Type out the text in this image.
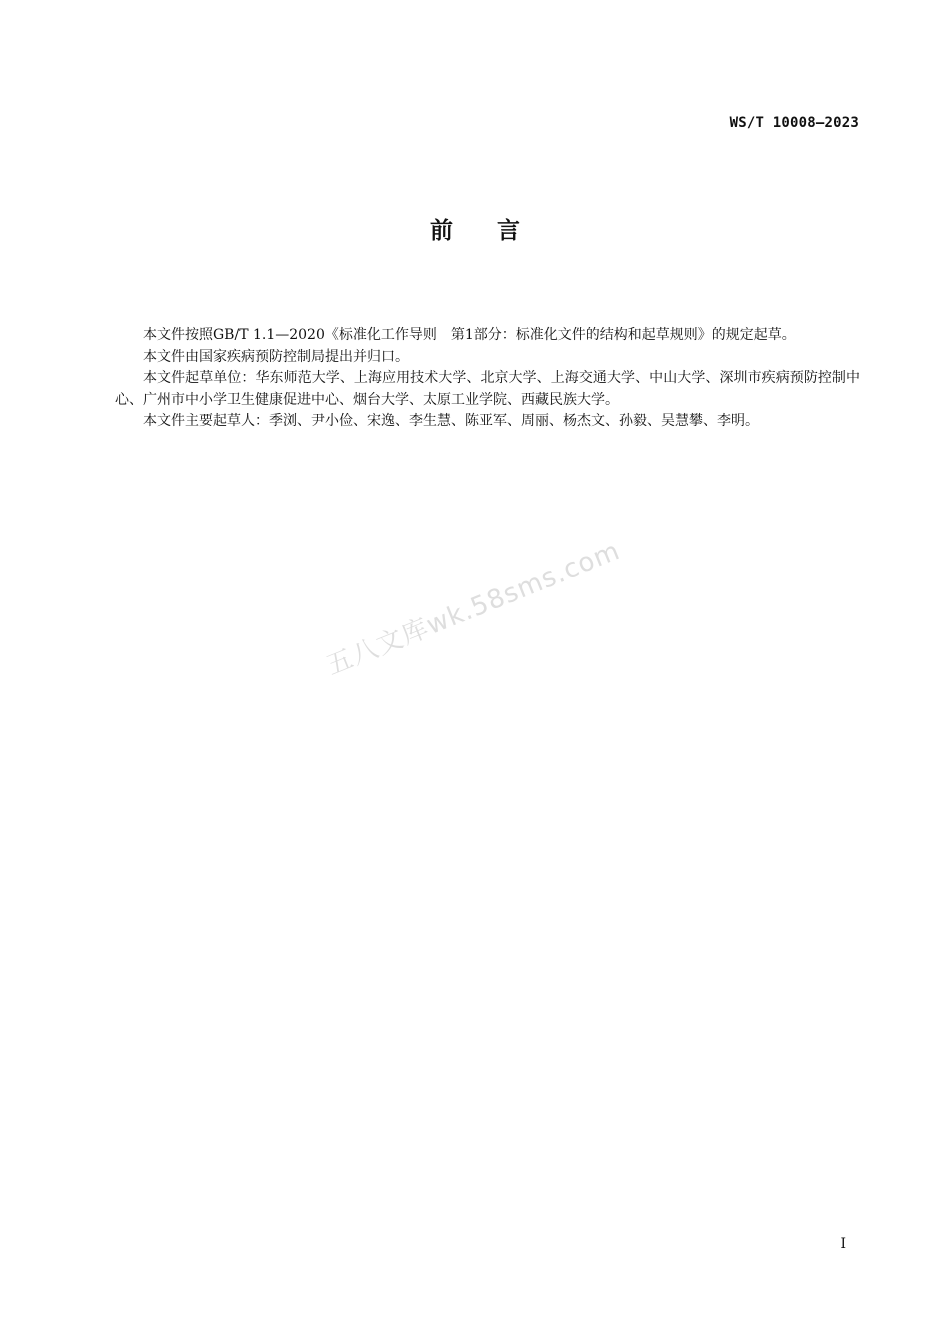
WS/T 10008—2023
前 言

本文件按照GB/T 1.1—2020《标准化工作导则　第1部分：标准化文件的结构和起草规则》的规定起草。

本文件由国家疾病预防控制局提出并归口。

本文件起草单位：华东师范大学、上海应用技术大学、北京大学、上海交通大学、中山大学、深圳市疾病预防控制中心、广州市中小学卫生健康促进中心、烟台大学、太原工业学院、西藏民族大学。

本文件主要起草人：季浏、尹小俭、宋逸、李生慧、陈亚军、周丽、杨杰文、孙毅、吴慧攀、李明。

五八文库wk.58sms.com
I
